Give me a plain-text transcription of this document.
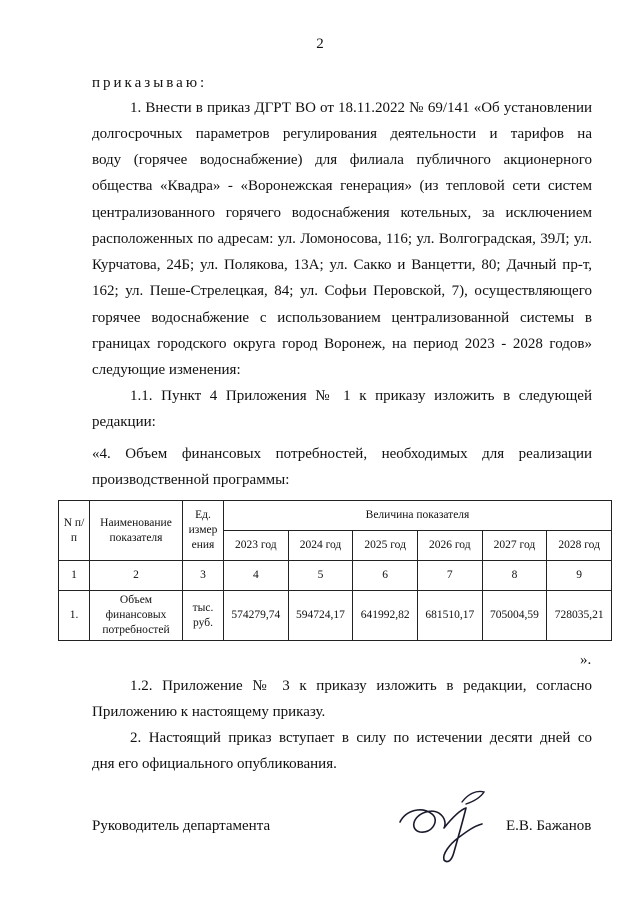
2
приказываю:
1. Внести в приказ ДГРТ ВО от 18.11.2022 № 69/141 «Об установлении
долгосрочных параметров регулирования деятельности и тарифов на
воду (горячее водоснабжение) для филиала публичного акционерного
общества «Квадра» - «Воронежская генерация» (из тепловой сети систем
централизованного горячего водоснабжения котельных, за исключением
расположенных по адресам: ул. Ломоносова, 116; ул. Волгоградская, 39Л; ул.
Курчатова, 24Б; ул. Полякова, 13А; ул. Сакко и Ванцетти, 80; Дачный пр-т,
162; ул. Пеше-Стрелецкая, 84; ул. Софьи Перовской, 7), осуществляющего
горячее водоснабжение с использованием централизованной системы в
границах городского округа город Воронеж, на период 2023 - 2028 годов»
следующие изменения:
1.1. Пункт 4 Приложения № 1 к приказу изложить в следующей
редакции:
«4. Объем финансовых потребностей, необходимых для реализации
производственной программы:
N п/п	Наименование показателя	Ед. измер ения	Величина показателя					
			2023 год	2024 год	2025 год	2026 год	2027 год	2028 год
1	2	3	4	5	6	7	8	9
1.	Объем финансовых потребностей	тыс. руб.	574279,74	594724,17	641992,82	681510,17	705004,59	728035,21
».
1.2. Приложение № 3 к приказу изложить в редакции, согласно
Приложению к настоящему приказу.
2. Настоящий приказ вступает в силу по истечении десяти дней со
дня его официального опубликования.
Руководитель департамента	Е.В. Бажанов
